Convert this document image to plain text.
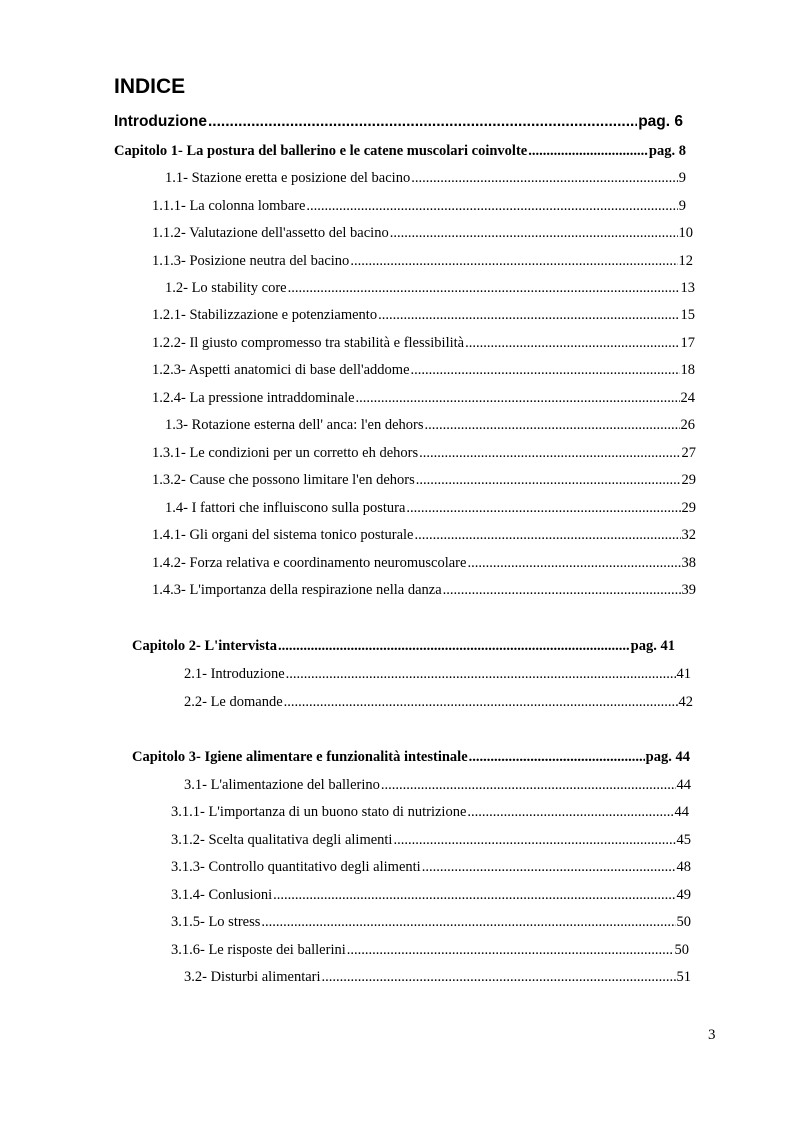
INDICE
Introduzione .....	pag. 6
Capitolo 1- La postura del ballerino e le catene muscolari coinvolte .....	pag. 8
1.1- Stazione eretta e posizione del bacino .....	9
1.1.1- La colonna lombare .....	9
1.1.2- Valutazione dell'assetto del bacino .....	10
1.1.3- Posizione neutra del bacino .....	12
1.2- Lo stability core .....	13
1.2.1- Stabilizzazione e potenziamento .....	15
1.2.2- Il giusto compromesso tra stabilità e flessibilità .....	17
1.2.3- Aspetti anatomici di base dell'addome .....	18
1.2.4- La pressione intraddominale .....	24
1.3- Rotazione esterna dell' anca: l'en dehors .....	26
1.3.1- Le condizioni per un corretto eh dehors .....	27
1.3.2- Cause che possono limitare l'en dehors .....	29
1.4- I fattori che influiscono sulla postura .....	29
1.4.1- Gli organi del sistema tonico posturale .....	32
1.4.2- Forza relativa e coordinamento neuromuscolare .....	38
1.4.3- L'importanza della respirazione nella danza .....	39
Capitolo 2- L'intervista .....	pag. 41
2.1- Introduzione .....	41
2.2- Le domande .....	42
Capitolo 3- Igiene alimentare e funzionalità intestinale .....	pag. 44
3.1- L'alimentazione del ballerino .....	44
3.1.1- L'importanza di un buono stato di nutrizione .....	44
3.1.2- Scelta qualitativa degli alimenti .....	45
3.1.3- Controllo quantitativo degli alimenti .....	48
3.1.4- Conlusioni .....	49
3.1.5- Lo stress .....	50
3.1.6- Le risposte dei ballerini .....	50
3.2- Disturbi alimentari .....	51
3
